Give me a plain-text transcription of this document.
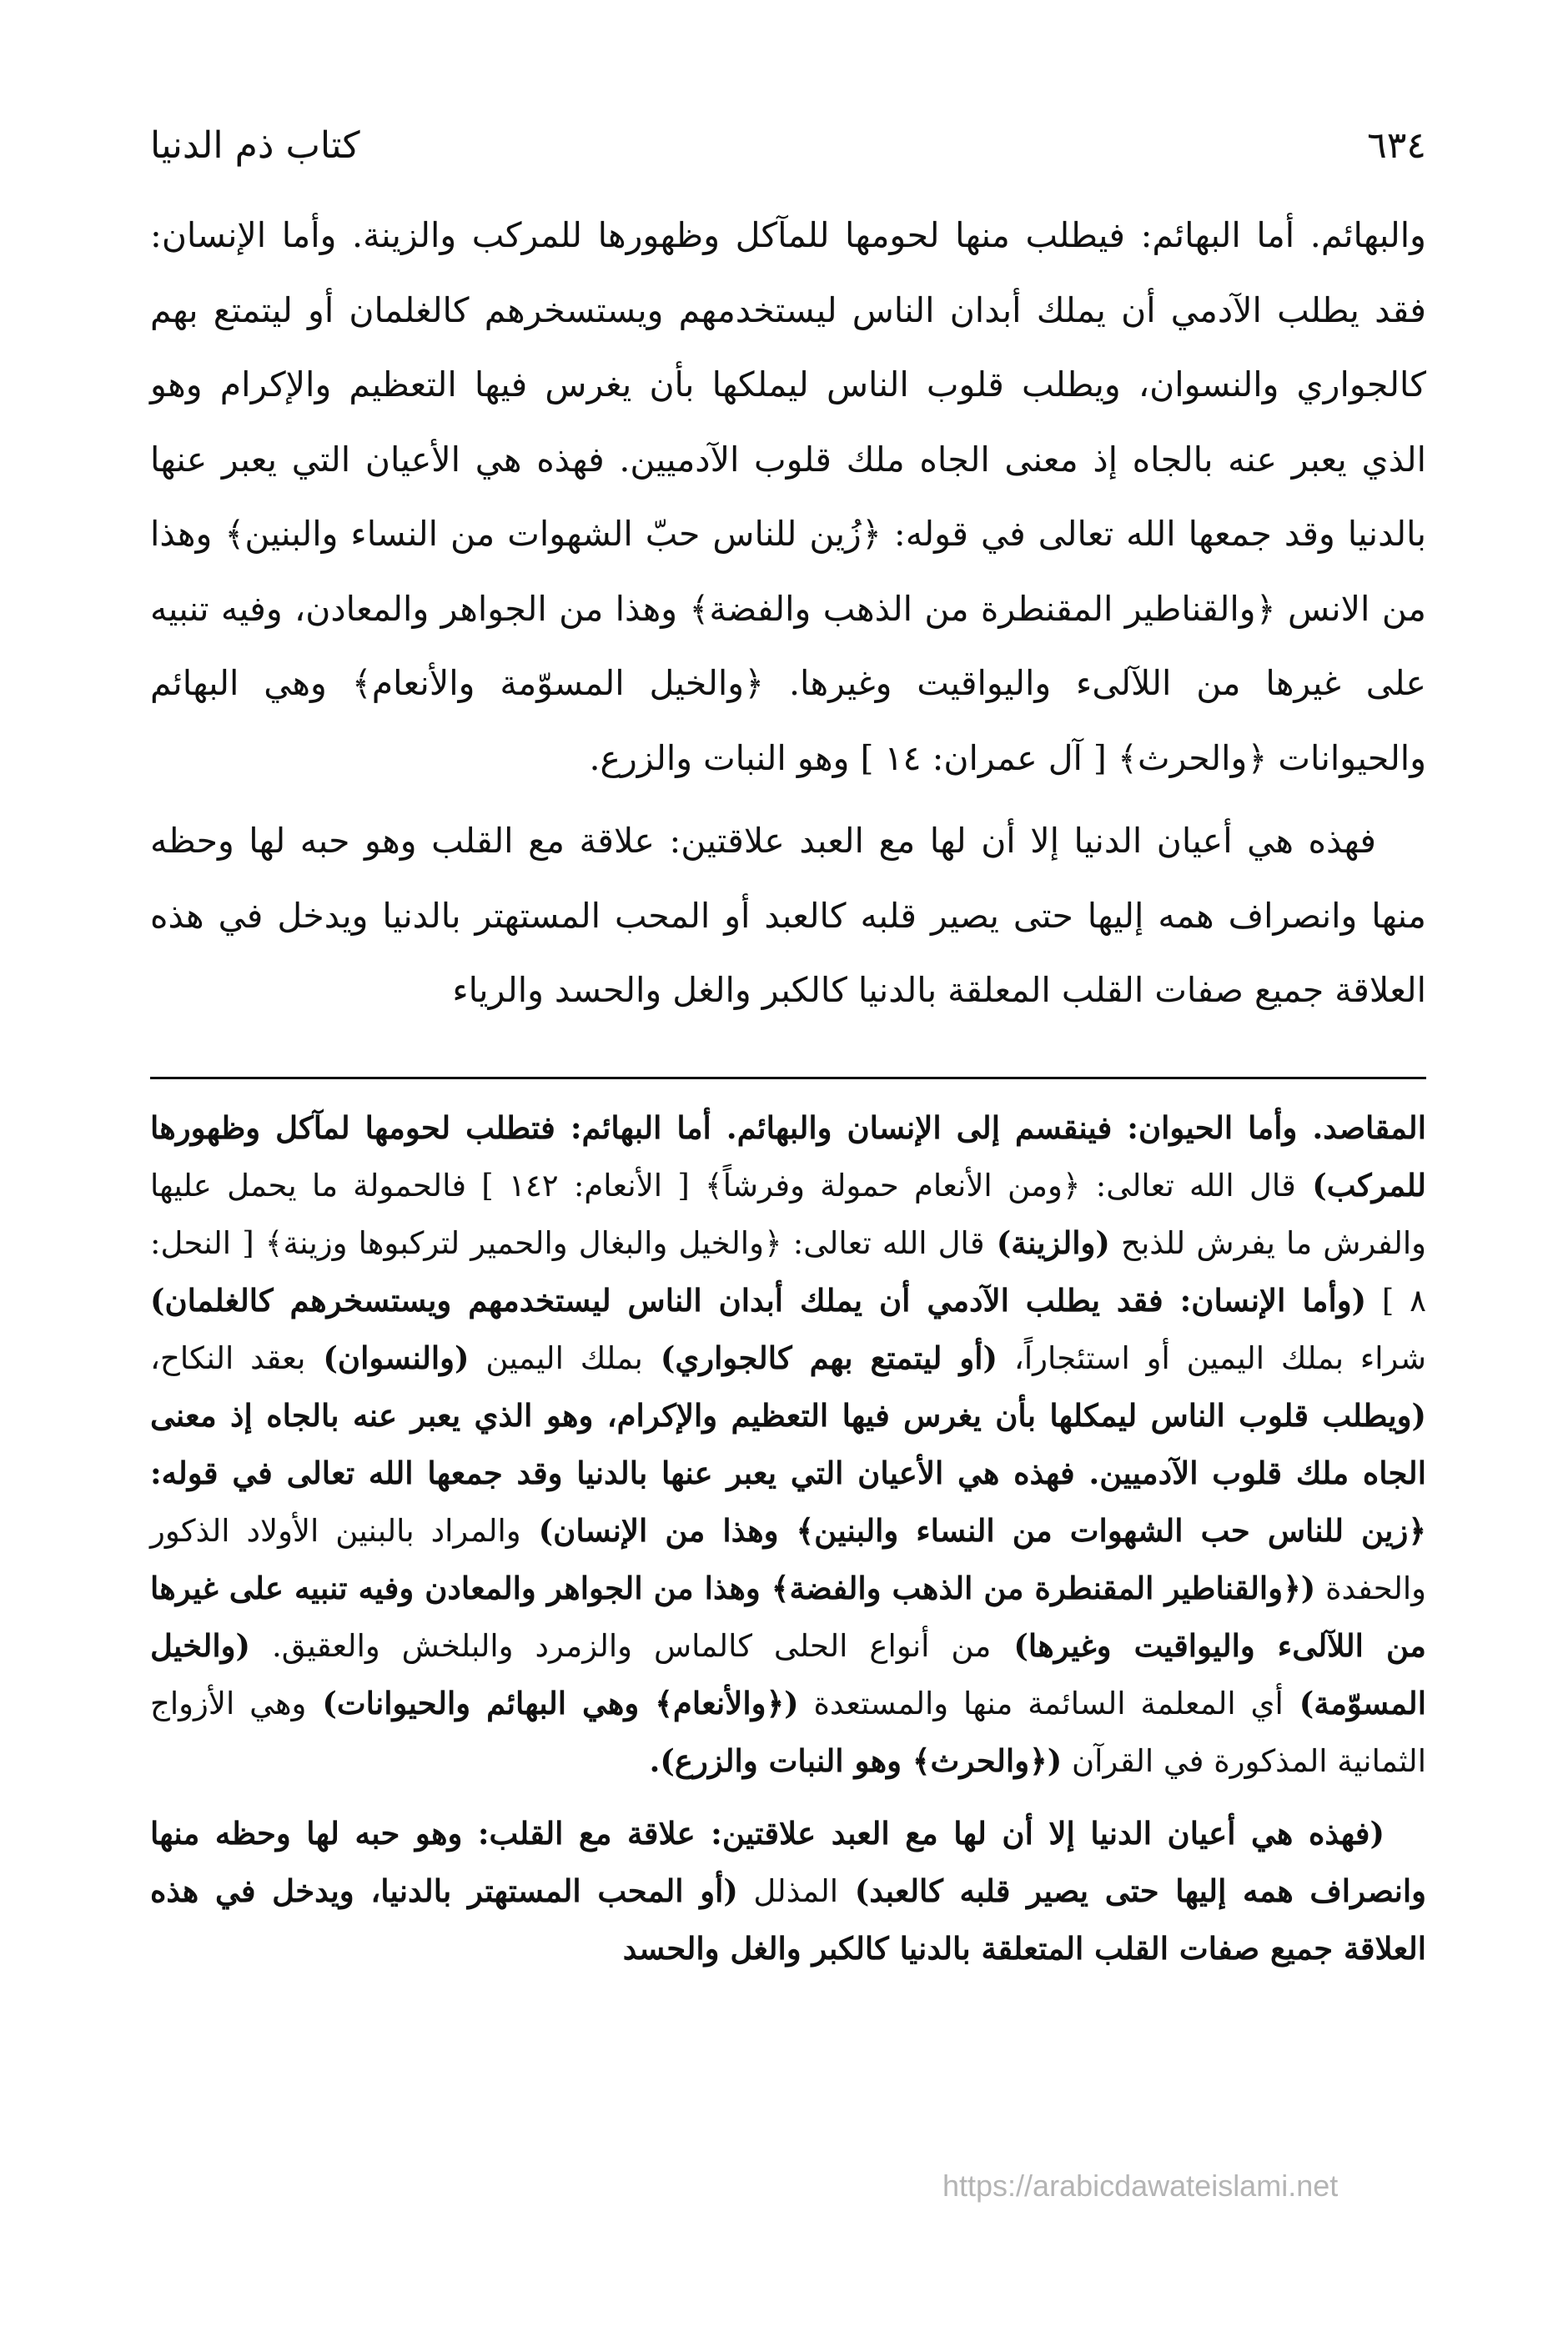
٦٣٤
كتاب ذم الدنيا

والبهائم. أما البهائم: فيطلب منها لحومها للمآكل وظهورها للمركب والزينة. وأما الإنسان: فقد يطلب الآدمي أن يملك أبدان الناس ليستخدمهم ويستسخرهم كالغلمان أو ليتمتع بهم كالجواري والنسوان، ويطلب قلوب الناس ليملكها بأن يغرس فيها التعظيم والإكرام وهو الذي يعبر عنه بالجاه إذ معنى الجاه ملك قلوب الآدميين. فهذه هي الأعيان التي يعبر عنها بالدنيا وقد جمعها الله تعالى في قوله: ﴿زُين للناس حبّ الشهوات من النساء والبنين﴾ وهذا من الانس ﴿والقناطير المقنطرة من الذهب والفضة﴾ وهذا من الجواهر والمعادن، وفيه تنبيه على غيرها من اللآلىء واليواقيت وغيرها. ﴿والخيل المسوّمة والأنعام﴾ وهي البهائم والحيوانات ﴿والحرث﴾ [ آل عمران: ١٤ ] وهو النبات والزرع.

فهذه هي أعيان الدنيا إلا أن لها مع العبد علاقتين: علاقة مع القلب وهو حبه لها وحظه منها وانصراف همه إليها حتى يصير قلبه كالعبد أو المحب المستهتر بالدنيا ويدخل في هذه العلاقة جميع صفات القلب المعلقة بالدنيا كالكبر والغل والحسد والرياء

المقاصد. وأما الحيوان: فينقسم إلى الإنسان والبهائم. أما البهائم: فتطلب لحومها لمآكل وظهورها للمركب) قال الله تعالى: ﴿ومن الأنعام حمولة وفرشاً﴾ [ الأنعام: ١٤٢ ] فالحمولة ما يحمل عليها والفرش ما يفرش للذبح (والزينة) قال الله تعالى: ﴿والخيل والبغال والحمير لتركبوها وزينة﴾ [ النحل: ٨ ] (وأما الإنسان: فقد يطلب الآدمي أن يملك أبدان الناس ليستخدمهم ويستسخرهم كالغلمان) شراء بملك اليمين أو استئجاراً، (أو ليتمتع بهم كالجواري) بملك اليمين (والنسوان) بعقد النكاح، (ويطلب قلوب الناس ليمكلها بأن يغرس فيها التعظيم والإكرام، وهو الذي يعبر عنه بالجاه إذ معنى الجاه ملك قلوب الآدميين. فهذه هي الأعيان التي يعبر عنها بالدنيا وقد جمعها الله تعالى في قوله: ﴿زين للناس حب الشهوات من النساء والبنين﴾ وهذا من الإنسان) والمراد بالبنين الأولاد الذكور والحفدة (﴿والقناطير المقنطرة من الذهب والفضة﴾ وهذا من الجواهر والمعادن وفيه تنبيه على غيرها من اللآلىء واليواقيت وغيرها) من أنواع الحلى كالماس والزمرد والبلخش والعقيق. (والخيل المسوّمة) أي المعلمة السائمة منها والمستعدة (﴿والأنعام﴾ وهي البهائم والحيوانات) وهي الأزواج الثمانية المذكورة في القرآن (﴿والحرث﴾ وهو النبات والزرع).

(فهذه هي أعيان الدنيا إلا أن لها مع العبد علاقتين: علاقة مع القلب: وهو حبه لها وحظه منها وانصراف همه إليها حتى يصير قلبه كالعبد) المذلل (أو المحب المستهتر بالدنيا، ويدخل في هذه العلاقة جميع صفات القلب المتعلقة بالدنيا كالكبر والغل والحسد

https://arabicdawateislami.net
